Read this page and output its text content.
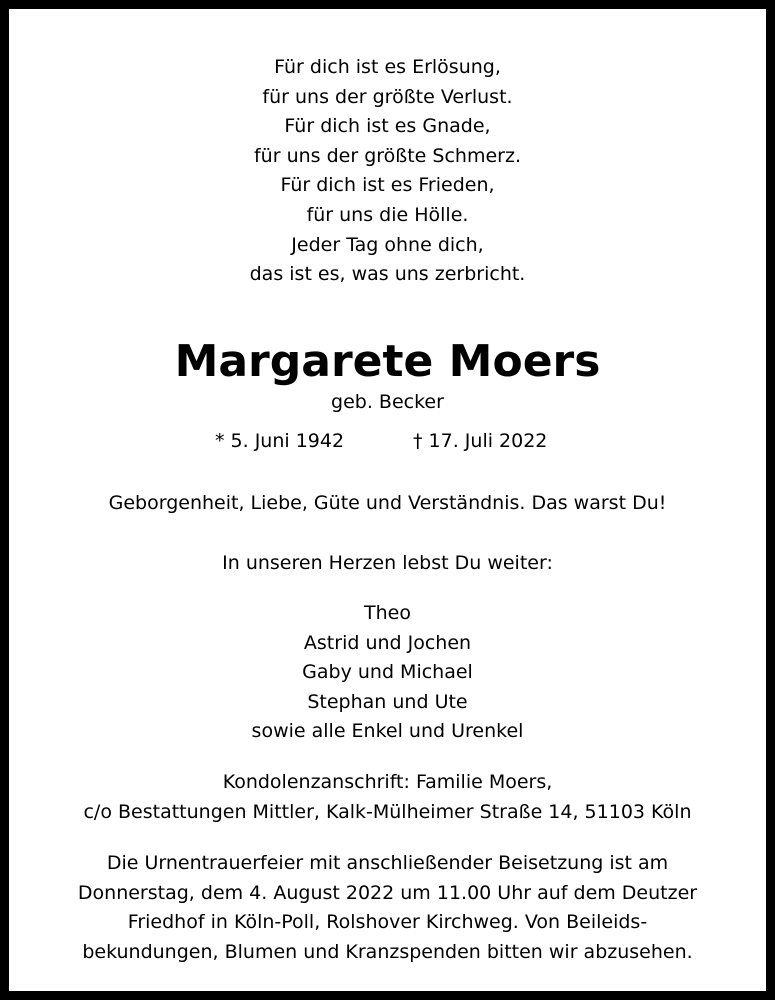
Für dich ist es Erlösung,
für uns der größte Verlust.
Für dich ist es Gnade,
für uns der größte Schmerz.
Für dich ist es Frieden,
für uns die Hölle.
Jeder Tag ohne dich,
das ist es, was uns zerbricht.
Margarete Moers
geb. Becker
* 5. Juni 1942	† 17. Juli 2022
Geborgenheit, Liebe, Güte und Verständnis. Das warst Du!
In unseren Herzen lebst Du weiter:
Theo
Astrid und Jochen
Gaby und Michael
Stephan und Ute
sowie alle Enkel und Urenkel
Kondolenzanschrift: Familie Moers,
c/o Bestattungen Mittler, Kalk-Mülheimer Straße 14, 51103 Köln
Die Urnentrauerfeier mit anschließender Beisetzung ist am
Donnerstag, dem 4. August 2022 um 11.00 Uhr auf dem Deutzer
Friedhof in Köln-Poll, Rolshover Kirchweg. Von Beileids-
bekundungen, Blumen und Kranzspenden bitten wir abzusehen.
